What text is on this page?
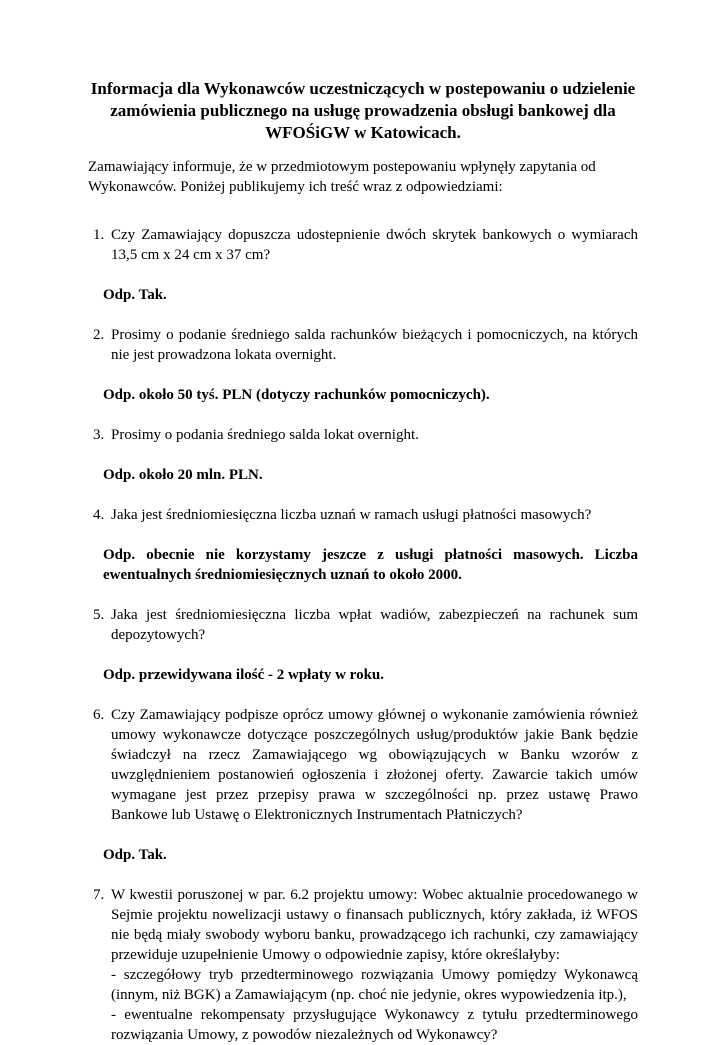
Informacja dla Wykonawców uczestniczących w postepowaniu o udzielenie zamówienia publicznego na usługę prowadzenia obsługi bankowej dla WFOŚiGW w Katowicach.

Zamawiający informuje, że w przedmiotowym postepowaniu wpłynęły zapytania od Wykonawców. Poniżej publikujemy ich treść wraz z odpowiedziami:

1. Czy Zamawiający dopuszcza udostepnienie dwóch skrytek bankowych o wymiarach 13,5 cm x 24 cm x 37 cm?

Odp. Tak.

2. Prosimy o podanie średniego salda rachunków bieżących i pomocniczych, na których nie jest prowadzona lokata overnight.

Odp. około 50 tyś. PLN (dotyczy rachunków pomocniczych).

3. Prosimy o podania średniego salda lokat overnight.

Odp. około 20 mln. PLN.

4. Jaka jest średniomiesięczna liczba uznań w ramach usługi płatności masowych?

Odp. obecnie nie korzystamy jeszcze z usługi płatności masowych. Liczba ewentualnych średniomiesięcznych uznań to około 2000.

5. Jaka jest średniomiesięczna liczba wpłat wadiów, zabezpieczeń na rachunek sum depozytowych?

Odp. przewidywana ilość - 2 wpłaty w roku.

6. Czy Zamawiający podpisze oprócz umowy głównej o wykonanie zamówienia również umowy wykonawcze dotyczące poszczególnych usług/produktów jakie Bank będzie świadczył na rzecz Zamawiającego wg obowiązujących w Banku wzorów z uwzględnieniem postanowień ogłoszenia i złożonej oferty. Zawarcie takich umów wymagane jest przez przepisy prawa w szczególności np. przez ustawę Prawo Bankowe lub Ustawę o Elektronicznych Instrumentach Płatniczych?

Odp. Tak.

7. W kwestii poruszonej w par. 6.2 projektu umowy: Wobec aktualnie procedowanego w Sejmie projektu nowelizacji ustawy o finansach publicznych, który zakłada, iż WFOS nie będą miały swobody wyboru banku, prowadzącego ich rachunki, czy zamawiający przewiduje uzupełnienie Umowy o odpowiednie zapisy, które określałyby:
- szczegółowy tryb przedterminowego rozwiązania Umowy pomiędzy Wykonawcą (innym, niż BGK) a Zamawiającym (np. choć nie jedynie, okres wypowiedzenia itp.),
- ewentualne rekompensaty przysługujące Wykonawcy z tytułu przedterminowego rozwiązania Umowy, z powodów niezależnych od Wykonawcy?
